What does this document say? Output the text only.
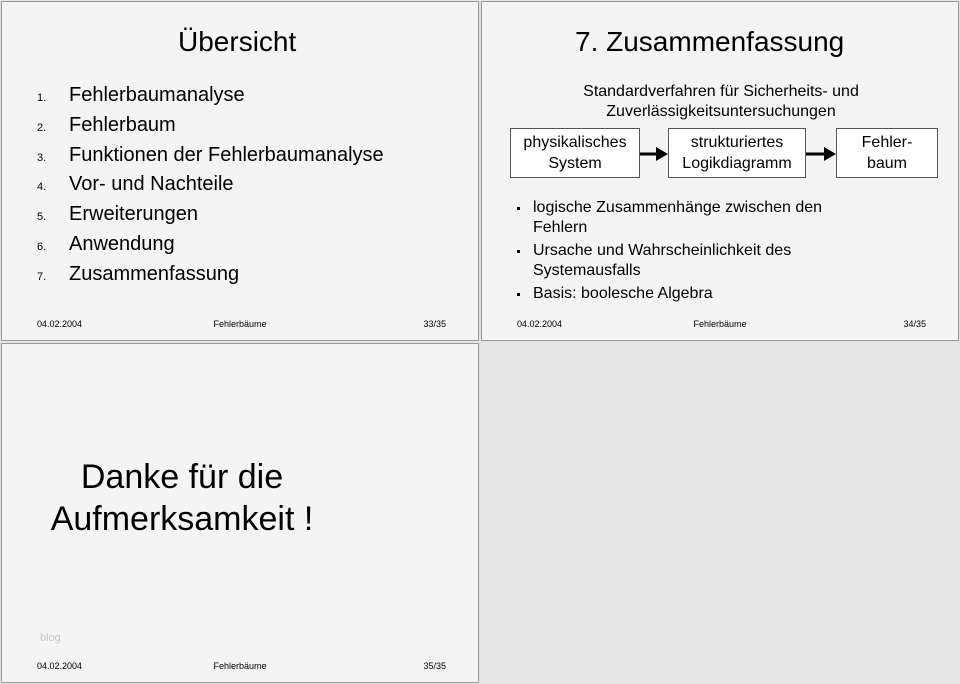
Übersicht
1. Fehlerbaumanalyse
2. Fehlerbaum
3. Funktionen der Fehlerbaumanalyse
4. Vor- und Nachteile
5. Erweiterungen
6. Anwendung
7. Zusammenfassung
04.02.2004	Fehlerbäume	33/35
7. Zusammenfassung
Standardverfahren für Sicherheits- und
Zuverlässigkeitsuntersuchungen
physikalisches
System
strukturiertes
Logikdiagramm
Fehler-
baum
logische Zusammenhänge zwischen den Fehlern
Ursache und Wahrscheinlichkeit des Systemausfalls
Basis: boolesche Algebra
04.02.2004	Fehlerbäume	34/35
Danke für die
Aufmerksamkeit !
blog
04.02.2004	Fehlerbäume	35/35
